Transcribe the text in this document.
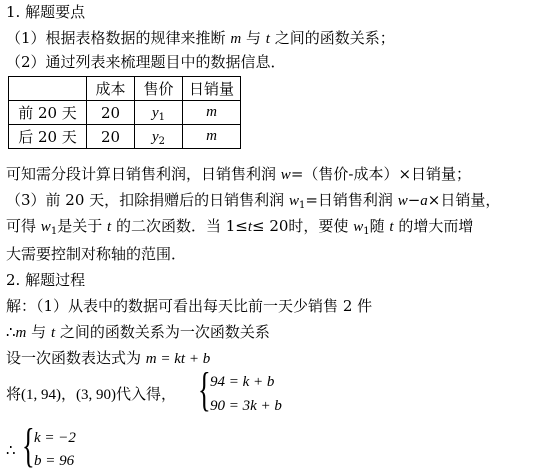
1. 解题要点
（1）根据表格数据的规律来推断 m 与 t 之间的函数关系；
（2）通过列表来梳理题目中的数据信息．
	成本	售价	日销量
前 20 天	20	$y_1$	m
后 20 天	20	$y_2$	m
可知需分段计算日销售利润，日销售利润 w=（售价-成本）×日销量；
（3）前 20 天，扣除捐赠后的日销售利润 $w_1=$日销售利润 w−a×日销量，
可得 $w_1$是关于 t 的二次函数．当 1≤t≤ 20时，要使 $w_1$随 t 的增大而增
大需要控制对称轴的范围．
2. 解题过程
解：（1）从表中的数据可看出每天比前一天少销售 2 件
∴m 与 t 之间的函数关系为一次函数关系
设一次函数表达式为 m = kt + b
将(1, 94)，(3, 90)代入得， { 94 = k + b
90 = 3k + b
∴ { k = −2
b = 96
